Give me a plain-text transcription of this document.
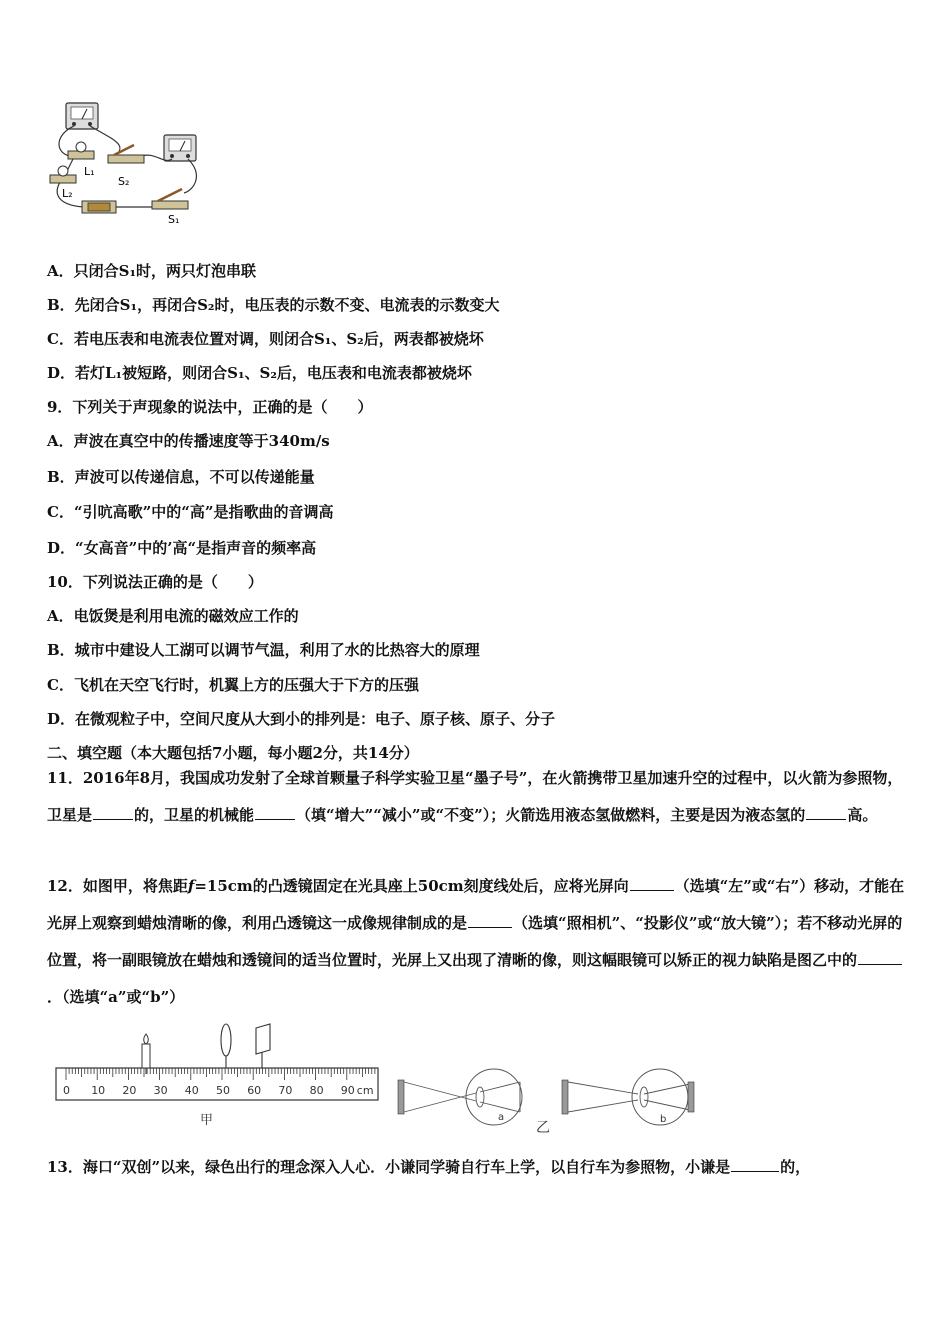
L₁
S₂
L₂
S₁
A．只闭合S₁时，两只灯泡串联
B．先闭合S₁，再闭合S₂时，电压表的示数不变、电流表的示数变大
C．若电压表和电流表位置对调，则闭合S₁、S₂后，两表都被烧坏
D．若灯L₁被短路，则闭合S₁、S₂后，电压表和电流表都被烧坏
9．下列关于声现象的说法中，正确的是（　　）
A．声波在真空中的传播速度等于340m/s
B．声波可以传递信息，不可以传递能量
C．“引吭高歌”中的“高”是指歌曲的音调高
D．“女高音”中的’高“是指声音的频率高
10．下列说法正确的是（　　）
A．电饭煲是利用电流的磁效应工作的
B．城市中建设人工湖可以调节气温，利用了水的比热容大的原理
C．飞机在天空飞行时，机翼上方的压强大于下方的压强
D．在微观粒子中，空间尺度从大到小的排列是：电子、原子核、原子、分子
二、填空题（本大题包括7小题，每小题2分，共14分）
11．2016年8月，我国成功发射了全球首颗量子科学实验卫星“墨子号”，在火箭携带卫星加速升空的过程中，以火箭为参照物，卫星是	的，卫星的机械能	（填“增大”“减小”或“不变”）；火箭选用液态氢做燃料，主要是因为液态氢的	高。
12．如图甲，将焦距f=15cm的凸透镜固定在光具座上50cm刻度线处后，应将光屏向	（选填“左”或“右”）移动，才能在光屏上观察到蜡烛清晰的像，利用凸透镜这一成像规律制成的是	（选填“照相机”、“投影仪”或“放大镜”）；若不移动光屏的位置，将一副眼镜放在蜡烛和透镜间的适当位置时，光屏上又出现了清晰的像，则这幅眼镜可以矫正的视力缺陷是图乙中的．（选填“a”或“b”）
0 10 20 30 40 50 60 70 80 90 cm
甲	a
乙
b
13．海口“双创”以来，绿色出行的理念深入人心．小谦同学骑自行车上学，以自行车为参照物，小谦是	的，
